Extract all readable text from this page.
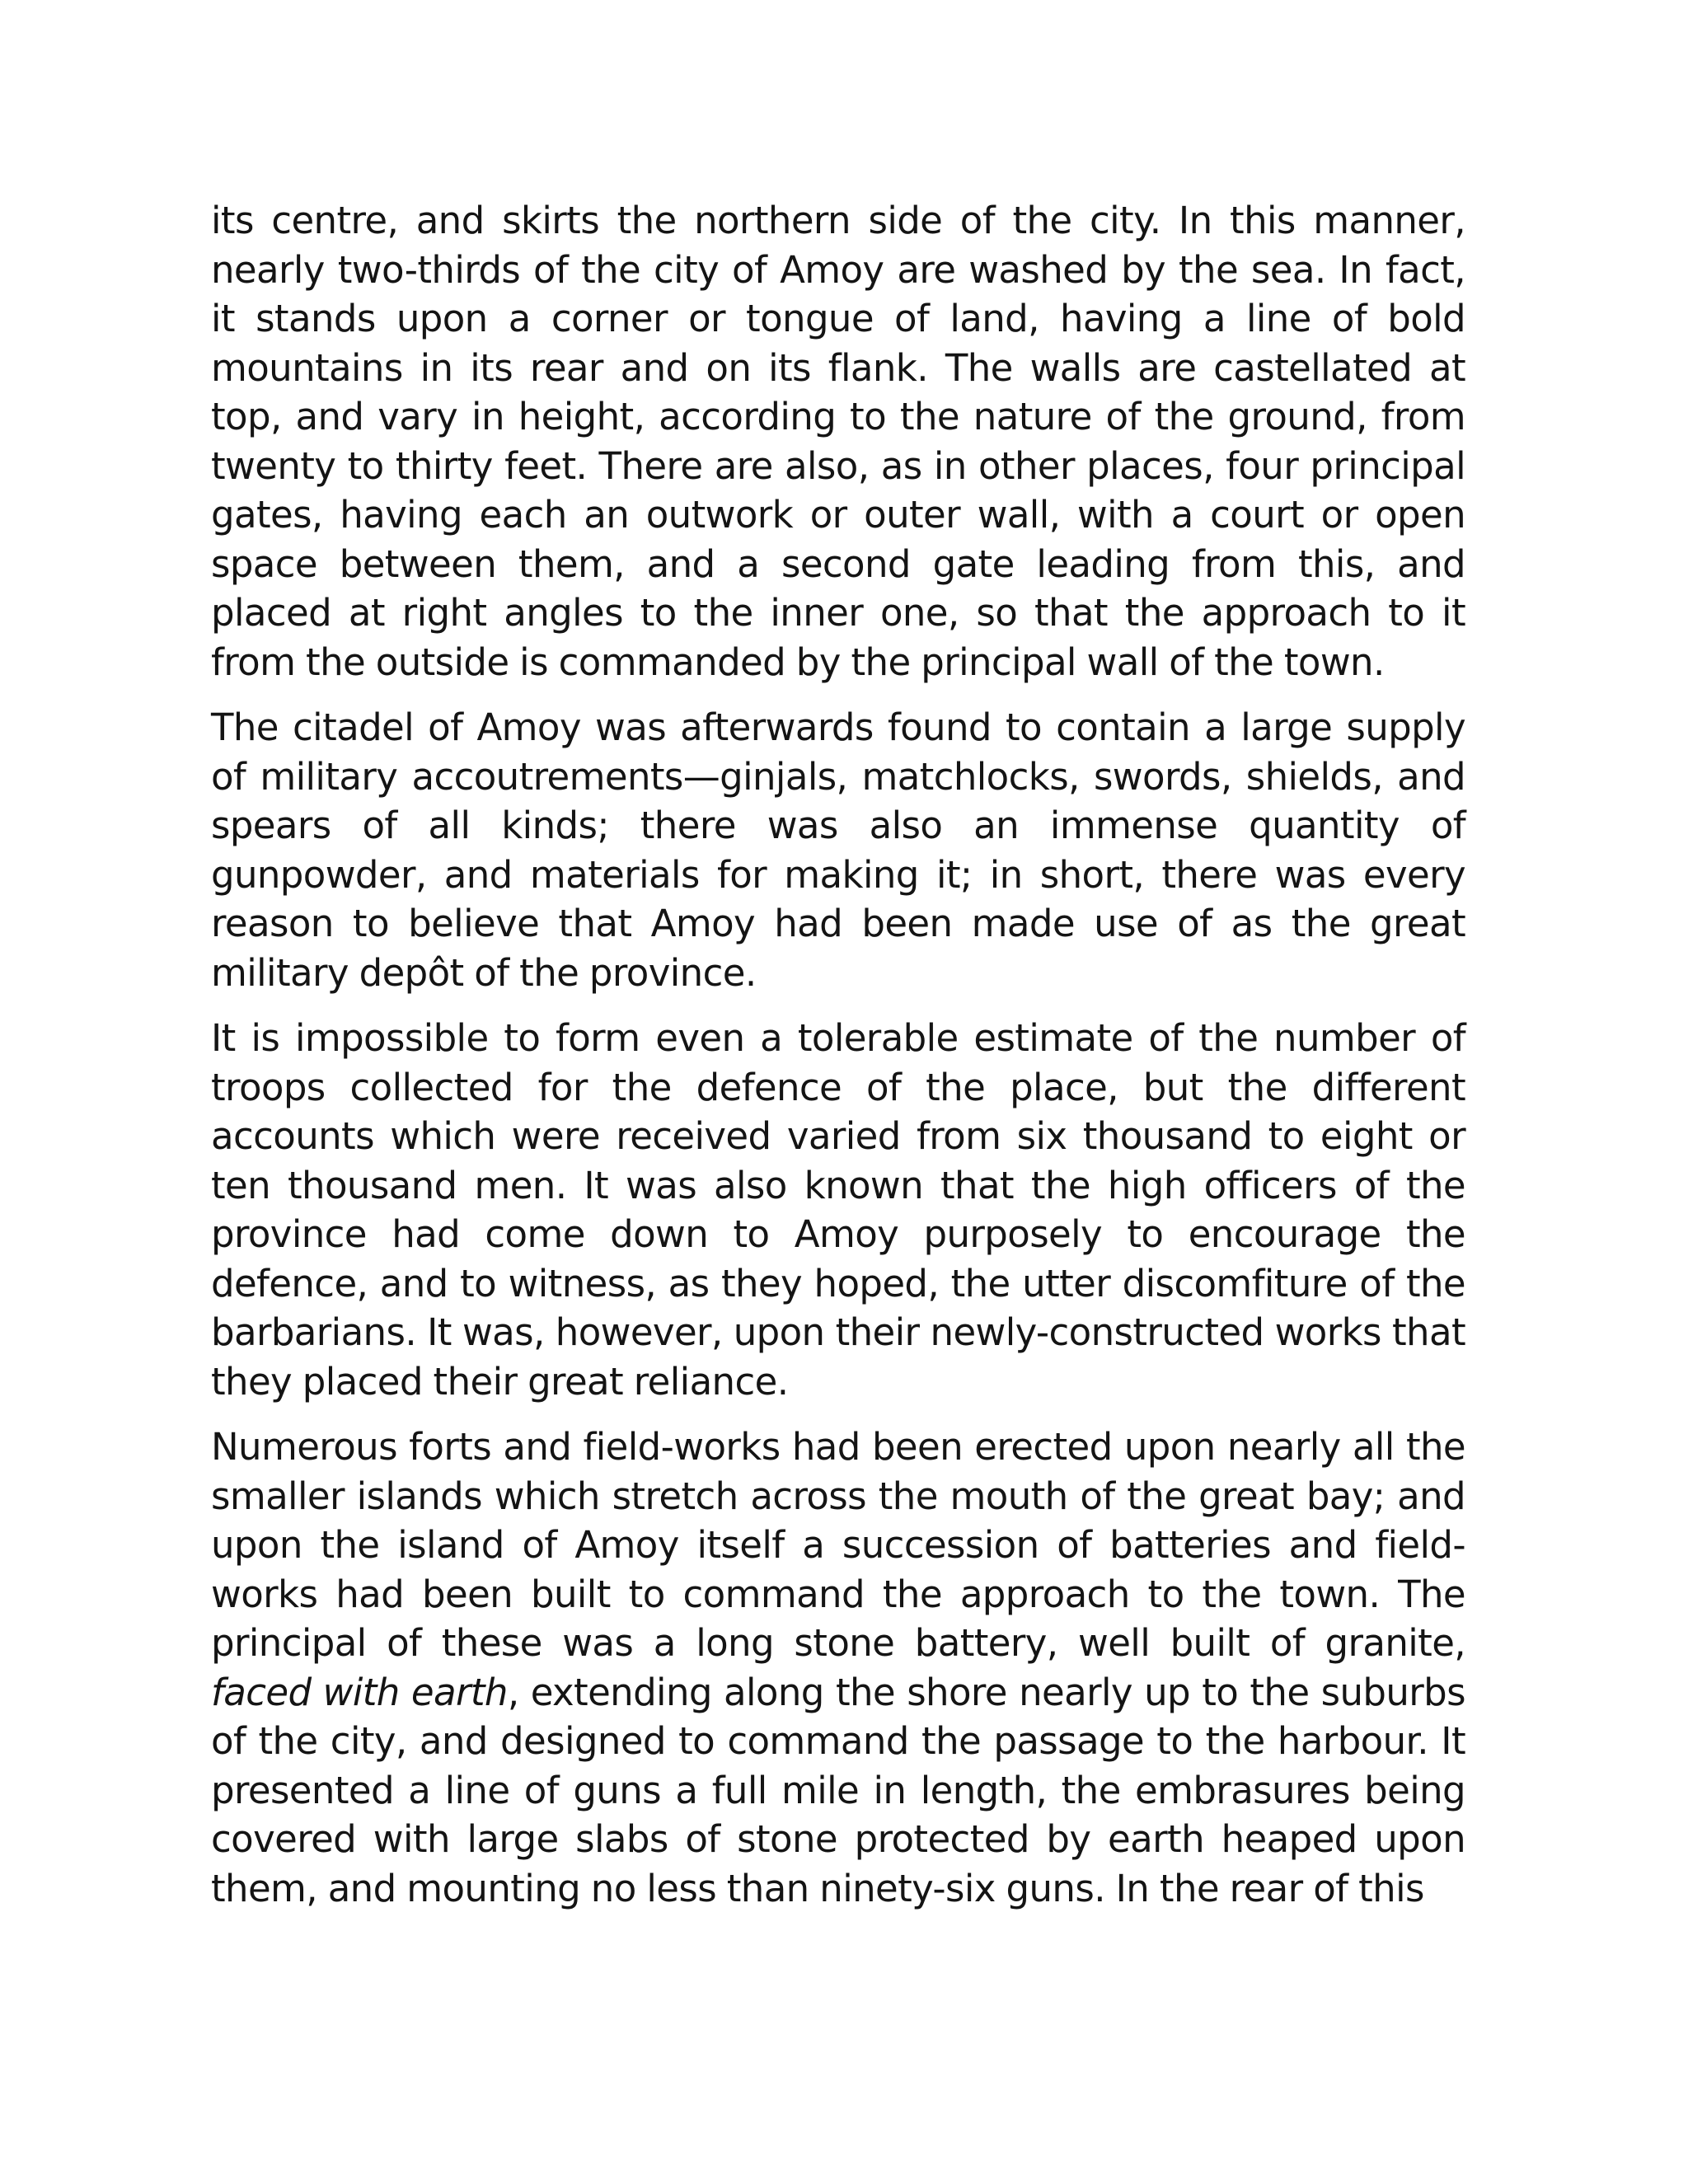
its centre, and skirts the northern side of the city. In this manner, nearly two-thirds of the city of Amoy are washed by the sea. In fact, it stands upon a corner or tongue of land, having a line of bold mountains in its rear and on its flank. The walls are castellated at top, and vary in height, according to the nature of the ground, from twenty to thirty feet. There are also, as in other places, four principal gates, having each an outwork or outer wall, with a court or open space between them, and a second gate leading from this, and placed at right angles to the inner one, so that the approach to it from the outside is commanded by the principal wall of the town.

The citadel of Amoy was afterwards found to contain a large supply of military accoutrements—ginjals, matchlocks, swords, shields, and spears of all kinds; there was also an immense quantity of gunpowder, and materials for making it; in short, there was every reason to believe that Amoy had been made use of as the great military depôt of the province.

It is impossible to form even a tolerable estimate of the number of troops collected for the defence of the place, but the different accounts which were received varied from six thousand to eight or ten thousand men. It was also known that the high officers of the province had come down to Amoy purposely to encourage the defence, and to witness, as they hoped, the utter discomfiture of the barbarians. It was, however, upon their newly-constructed works that they placed their great reliance.

Numerous forts and field-works had been erected upon nearly all the smaller islands which stretch across the mouth of the great bay; and upon the island of Amoy itself a succession of batteries and field-works had been built to command the approach to the town. The principal of these was a long stone battery, well built of granite, faced with earth, extending along the shore nearly up to the suburbs of the city, and designed to command the passage to the harbour. It presented a line of guns a full mile in length, the embrasures being covered with large slabs of stone protected by earth heaped upon them, and mounting no less than ninety-six guns. In the rear of this
